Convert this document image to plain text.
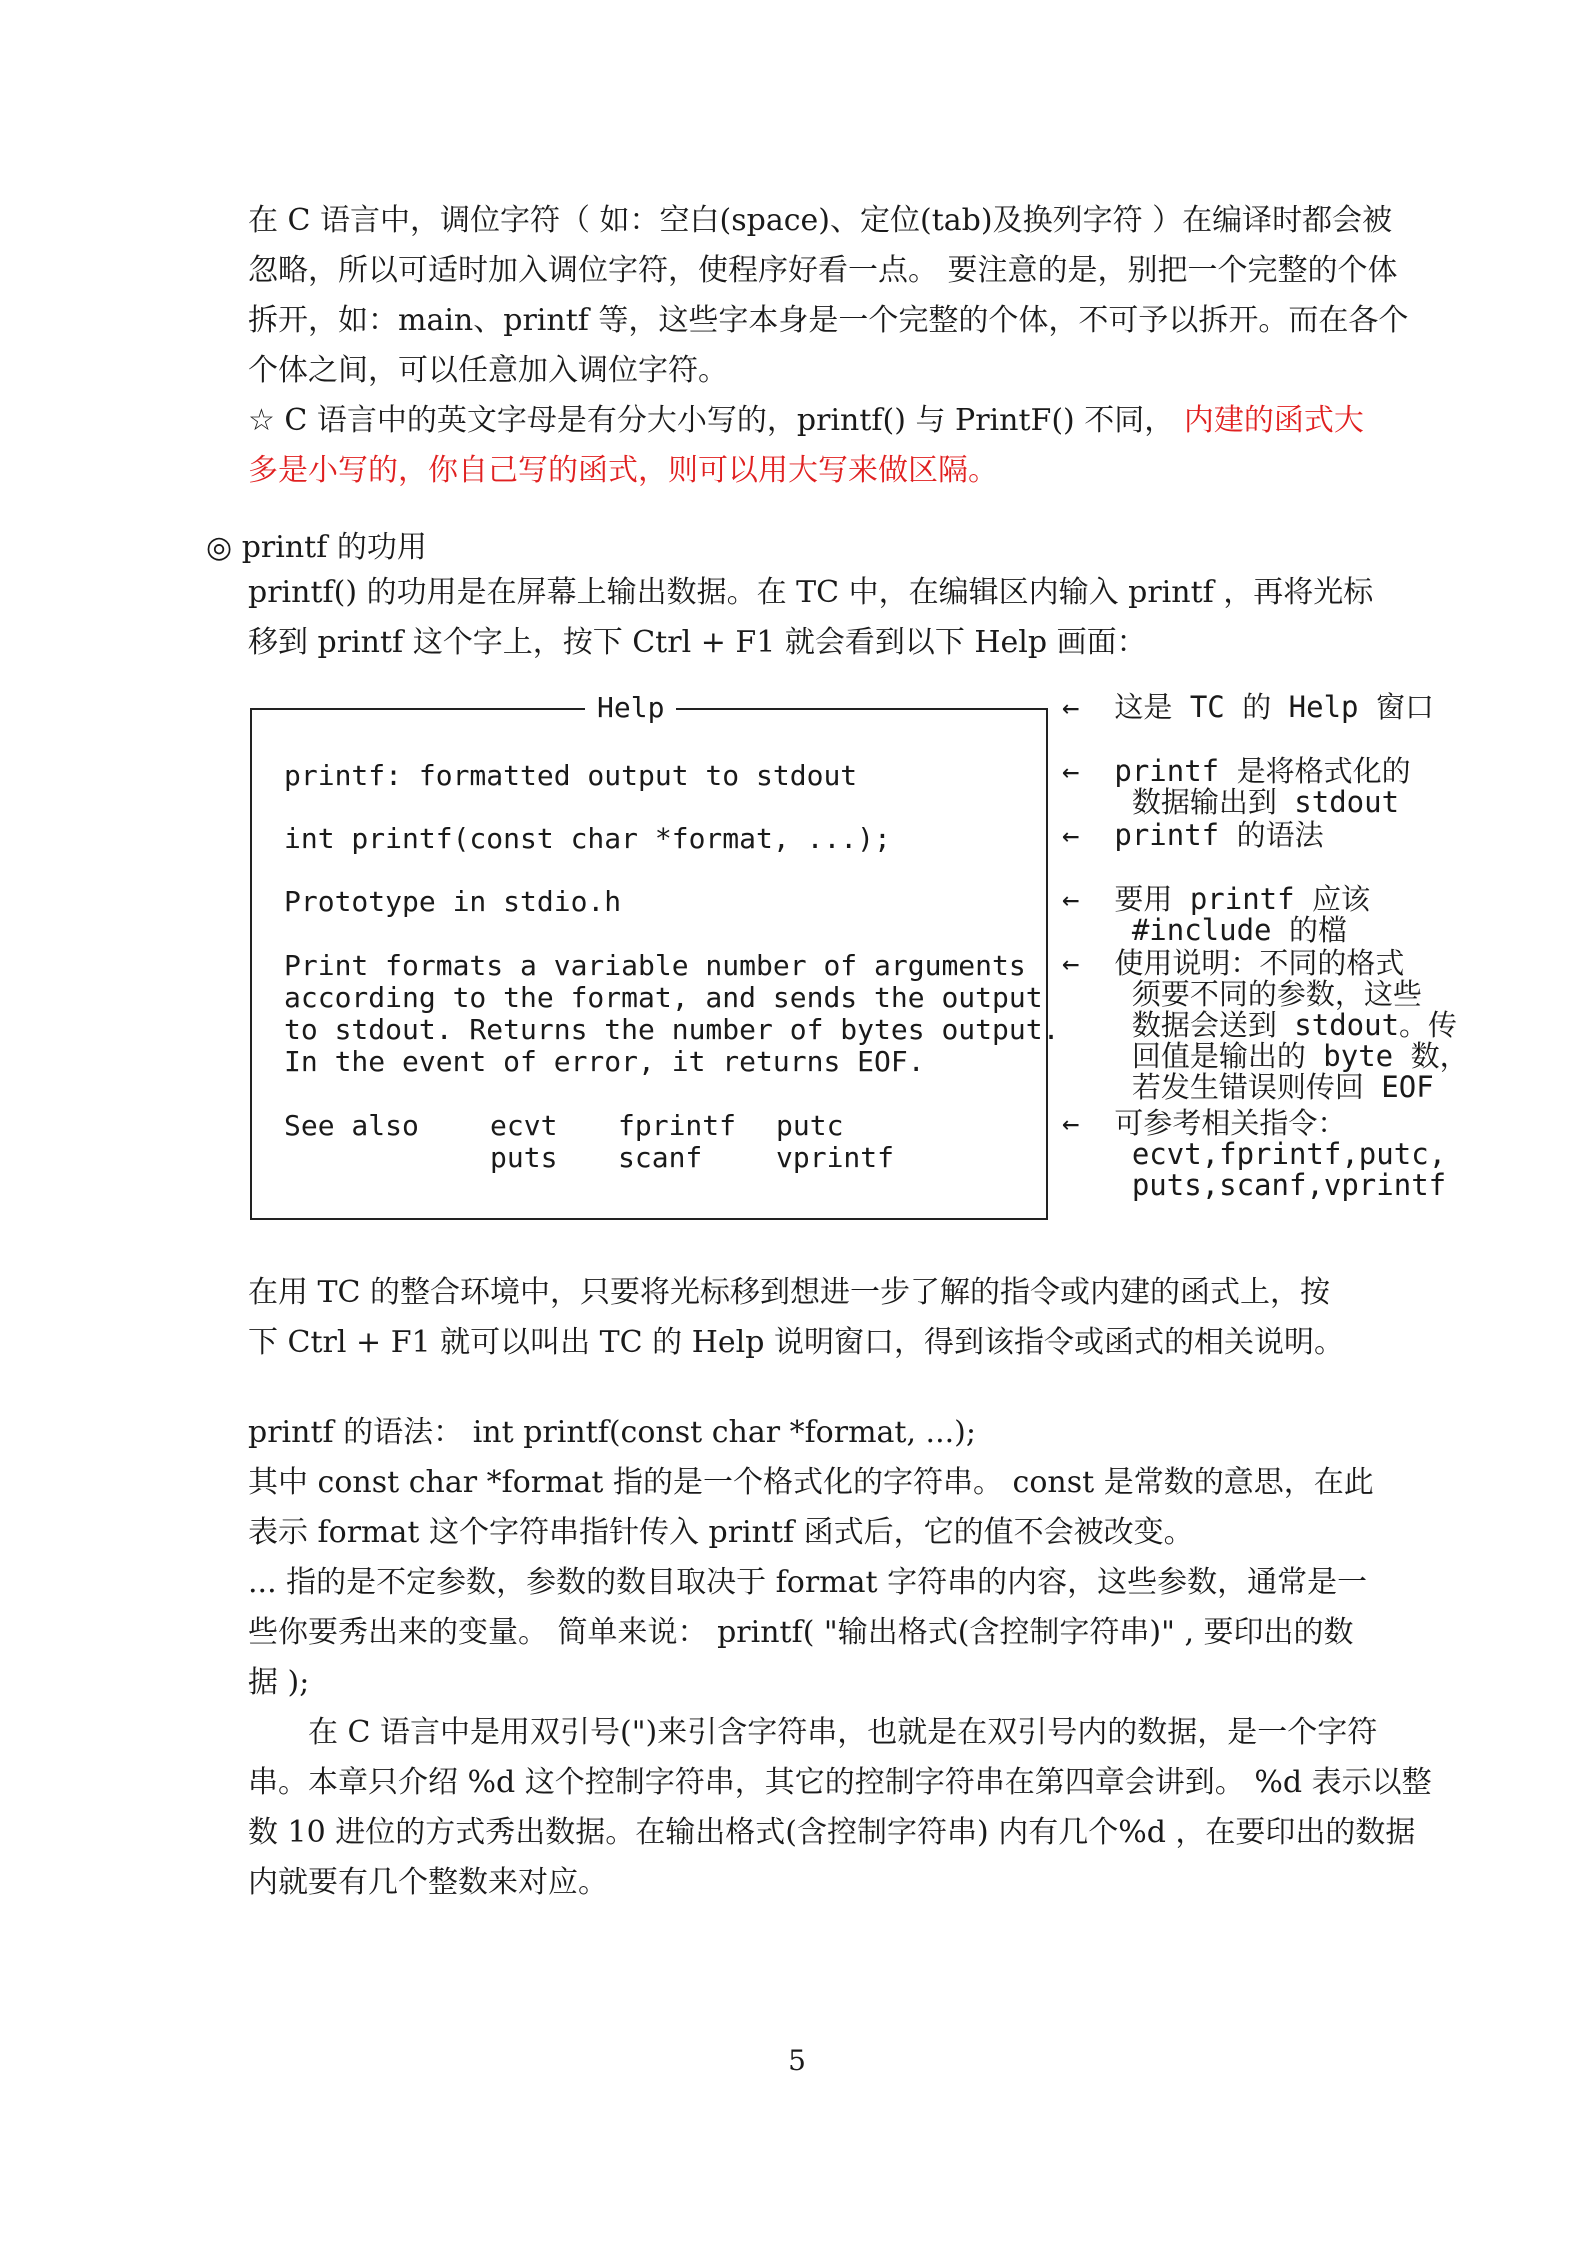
在 C 语言中，调位字符（ 如：空白(space)、定位(tab)及换列字符 ）在编译时都会被

忽略，所以可适时加入调位字符，使程序好看一点。 要注意的是，别把一个完整的个体

拆开，如：main、printf 等，这些字本身是一个完整的个体，不可予以拆开。而在各个

个体之间，可以任意加入调位字符。

☆ C 语言中的英文字母是有分大小写的，printf() 与 PrintF() 不同， 内建的函式大

多是小写的，你自己写的函式，则可以用大写来做区隔。

◎ printf 的功用

printf() 的功用是在屏幕上输出数据。在 TC 中，在编辑区内输入 printf ，再将光标

移到 printf 这个字上，按下 Ctrl + F1 就会看到以下 Help 画面：

Help
printf: formatted output to stdout
int printf(const char *format, ...);
Prototype in stdio.h
Print formats a variable number of arguments
according to the format, and sends the output
to stdout. Returns the number of bytes output.
In the event of error, it returns EOF.
See also	ecvt
puts
fprintf
scanf
putc
vprintf
←  这是 TC 的 Help 窗口
←  printf 是将格式化的
数据输出到 stdout
←  printf 的语法
←  要用 printf 应该
#include 的檔
←  使用说明：不同的格式
须要不同的参数，这些
数据会送到 stdout。传
回值是输出的 byte 数，
若发生错误则传回 EOF
←  可参考相关指令：
ecvt,fprintf,putc,
puts,scanf,vprintf

在用 TC 的整合环境中，只要将光标移到想进一步了解的指令或内建的函式上，按

下 Ctrl + F1 就可以叫出 TC 的 Help 说明窗口，得到该指令或函式的相关说明。

printf 的语法： int printf(const char *format, ...);

其中 const char *format 指的是一个格式化的字符串。 const 是常数的意思，在此

表示 format 这个字符串指针传入 printf 函式后，它的值不会被改变。

... 指的是不定参数，参数的数目取决于 format 字符串的内容，这些参数，通常是一

些你要秀出来的变量。 简单来说： printf( "输出格式(含控制字符串)" , 要印出的数

据 );

　　在 C 语言中是用双引号(")来引含字符串，也就是在双引号内的数据，是一个字符

串。本章只介绍 %d 这个控制字符串，其它的控制字符串在第四章会讲到。 %d 表示以整

数 10 进位的方式秀出数据。在输出格式(含控制字符串) 内有几个%d ，在要印出的数据

内就要有几个整数来对应。

5
